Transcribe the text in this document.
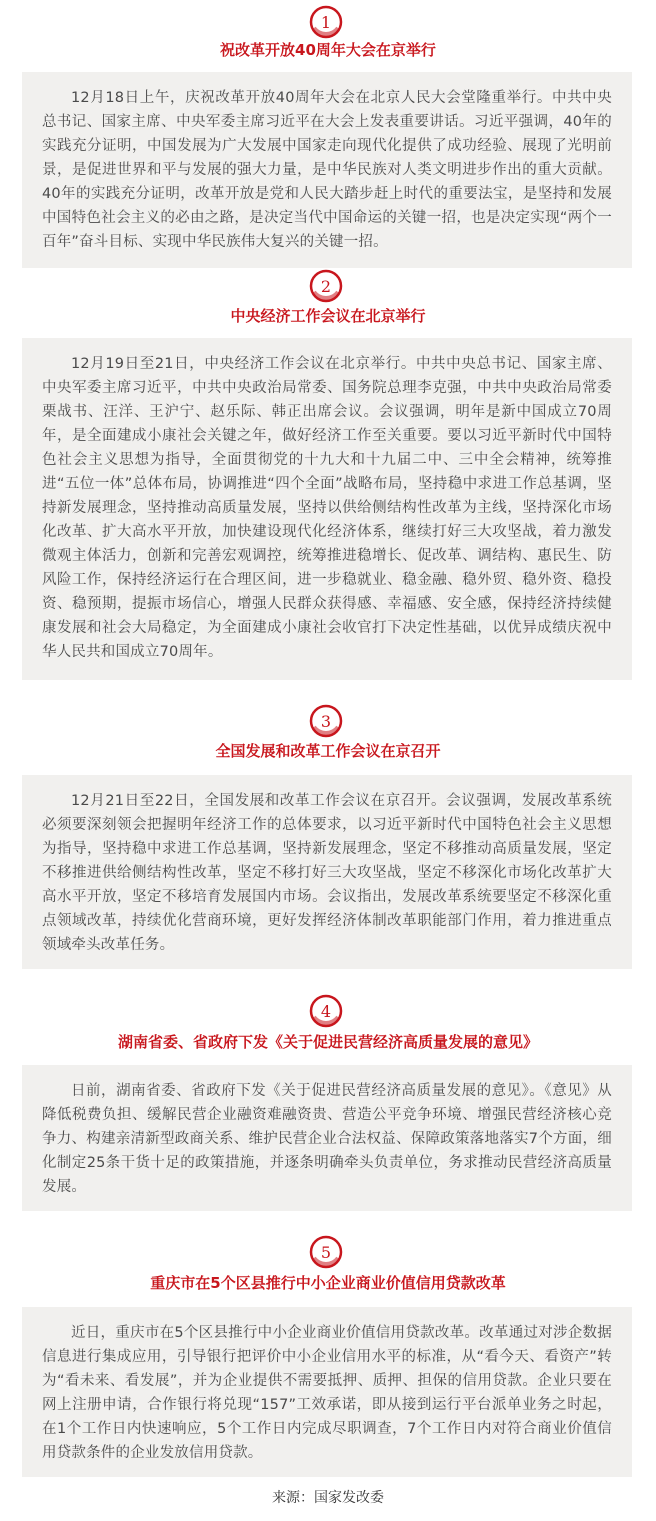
1
祝改革开放40周年大会在京举行

12月18日上午，庆祝改革开放40周年大会在北京人民大会堂隆重举行。中共中央总书记、国家主席、中央军委主席习近平在大会上发表重要讲话。习近平强调，40年的实践充分证明，中国发展为广大发展中国家走向现代化提供了成功经验、展现了光明前景，是促进世界和平与发展的强大力量，是中华民族对人类文明进步作出的重大贡献。40年的实践充分证明，改革开放是党和人民大踏步赶上时代的重要法宝，是坚持和发展中国特色社会主义的必由之路，是决定当代中国命运的关键一招，也是决定实现“两个一百年”奋斗目标、实现中华民族伟大复兴的关键一招。

2
中央经济工作会议在北京举行

12月19日至21日，中央经济工作会议在北京举行。中共中央总书记、国家主席、中央军委主席习近平，中共中央政治局常委、国务院总理李克强，中共中央政治局常委栗战书、汪洋、王沪宁、赵乐际、韩正出席会议。会议强调，明年是新中国成立70周年，是全面建成小康社会关键之年，做好经济工作至关重要。要以习近平新时代中国特色社会主义思想为指导，全面贯彻党的十九大和十九届二中、三中全会精神，统筹推进“五位一体”总体布局，协调推进“四个全面”战略布局，坚持稳中求进工作总基调，坚持新发展理念，坚持推动高质量发展，坚持以供给侧结构性改革为主线，坚持深化市场化改革、扩大高水平开放，加快建设现代化经济体系，继续打好三大攻坚战，着力激发微观主体活力，创新和完善宏观调控，统筹推进稳增长、促改革、调结构、惠民生、防风险工作，保持经济运行在合理区间，进一步稳就业、稳金融、稳外贸、稳外资、稳投资、稳预期，提振市场信心，增强人民群众获得感、幸福感、安全感，保持经济持续健康发展和社会大局稳定，为全面建成小康社会收官打下决定性基础，以优异成绩庆祝中华人民共和国成立70周年。

3
全国发展和改革工作会议在京召开

12月21日至22日，全国发展和改革工作会议在京召开。会议强调，发展改革系统必须要深刻领会把握明年经济工作的总体要求，以习近平新时代中国特色社会主义思想为指导，坚持稳中求进工作总基调，坚持新发展理念，坚定不移推动高质量发展，坚定不移推进供给侧结构性改革，坚定不移打好三大攻坚战，坚定不移深化市场化改革扩大高水平开放，坚定不移培育发展国内市场。会议指出，发展改革系统要坚定不移深化重点领域改革，持续优化营商环境，更好发挥经济体制改革职能部门作用，着力推进重点领域牵头改革任务。

4
湖南省委、省政府下发《关于促进民营经济高质量发展的意见》

日前，湖南省委、省政府下发《关于促进民营经济高质量发展的意见》。《意见》从降低税费负担、缓解民营企业融资难融资贵、营造公平竞争环境、增强民营经济核心竞争力、构建亲清新型政商关系、维护民营企业合法权益、保障政策落地落实7个方面，细化制定25条干货十足的政策措施，并逐条明确牵头负责单位，务求推动民营经济高质量发展。

5
重庆市在5个区县推行中小企业商业价值信用贷款改革

近日，重庆市在5个区县推行中小企业商业价值信用贷款改革。改革通过对涉企数据信息进行集成应用，引导银行把评价中小企业信用水平的标准，从“看今天、看资产”转为“看未来、看发展”，并为企业提供不需要抵押、质押、担保的信用贷款。企业只要在网上注册申请，合作银行将兑现“157”工效承诺，即从接到运行平台派单业务之时起，在1个工作日内快速响应，5个工作日内完成尽职调查，7个工作日内对符合商业价值信用贷款条件的企业发放信用贷款。

来源：国家发改委
